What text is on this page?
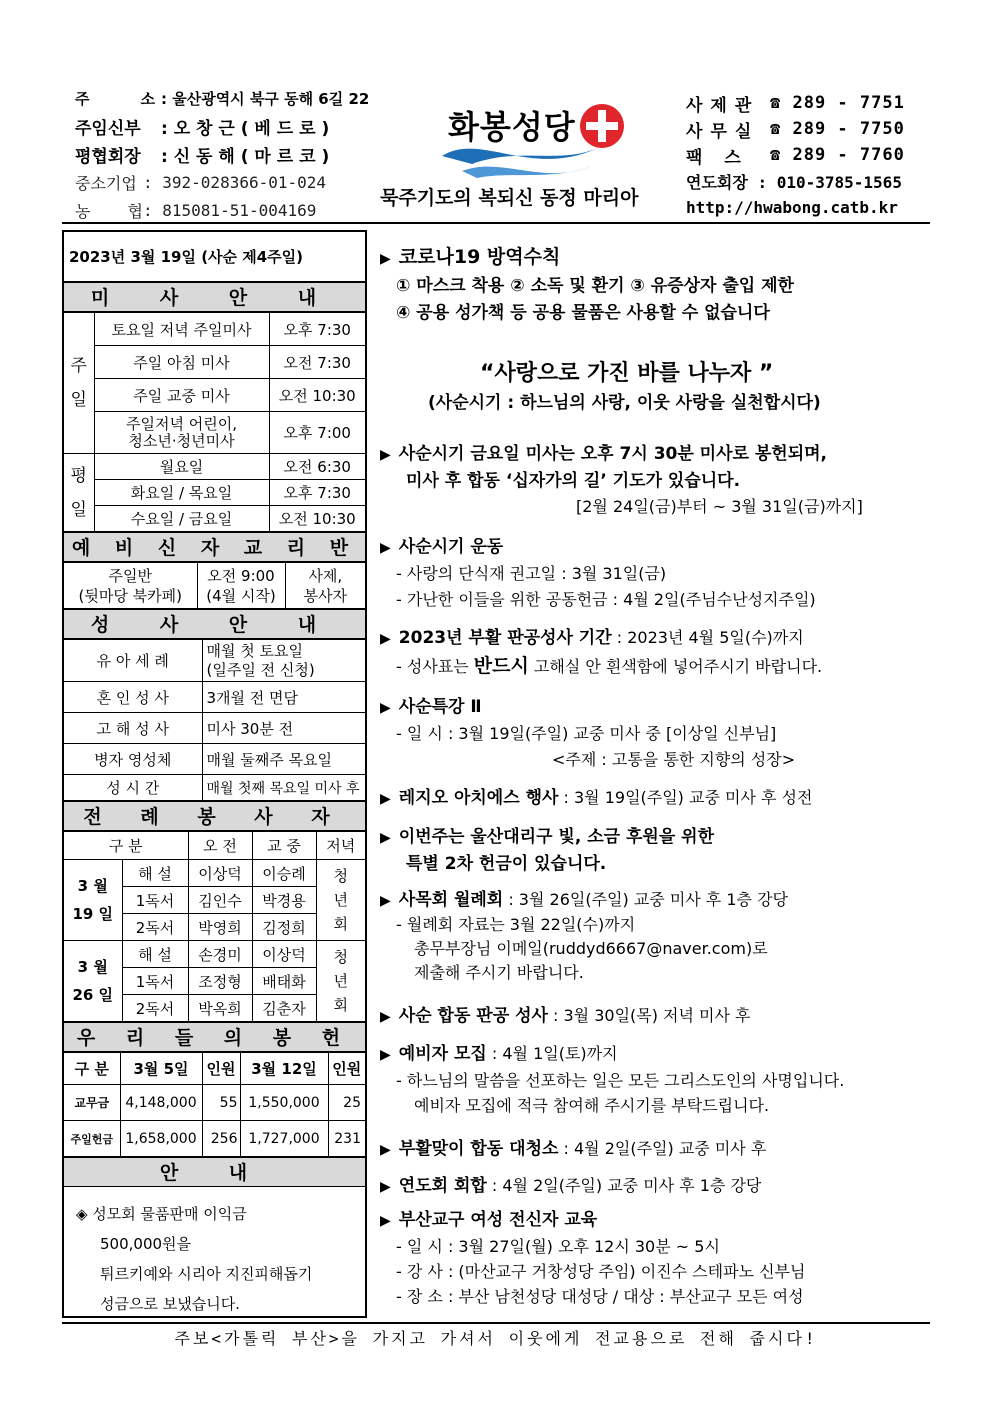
주 소 : 울산광역시 북구 동해 6길 22
주임신부	: 오 창 근 ( 베 드 로 )
평협회장	: 신 동 해 ( 마 르 코 )
중소기업 : 392-028366-01-024
농 협 : 815081-51-004169
화봉성당
묵주기도의 복되신 동정 마리아
사제관 ☎ 289 - 7751
사무실 ☎ 289 - 7750
팩 스	☎ 289 - 7760
연도회장 : 010-3785-1565
http://hwabong.catb.kr
2023년 3월 19일 (사순 제4주일)
미 사 안 내
주
일	토요일 저녁 주일미사	오후 7:30
	주일 아침 미사	오전 7:30
	주일 교중 미사	오전 10:30
	주일저녁 어린이,
청소년·청년미사	오후 7:00
평
일	월요일	오전 6:30
	화요일 / 목요일	오후 7:30
	수요일 / 금요일	오전 10:30
예 비 신 자 교 리 반
주일반
(뒷마당 북카페)	오전 9:00
(4월 시작)	사제,
봉사자
성 사 안 내
유 아 세 례	매월 첫 토요일
(일주일 전 신청)
혼 인 성 사	3개월 전 면담
고 해 성 사	미사 30분 전
병자 영성체	매월 둘째주 목요일
성 시 간	매월 첫째 목요일 미사 후
전 례 봉 사 자
구 분		오 전	교 중	저녁
3 월
19 일	해 설	이상덕	이승례	청
년
회
	1독서	김인수	박경용	
	2독서	박영희	김정희	
3 월
26 일	해 설	손경미	이상덕	청
년
회
	1독서	조정형	배태화	
	2독서	박옥희	김춘자	
우 리 들 의 봉 헌
구 분	3월 5일	인원	3월 12일	인원
교무금	4,148,000	55	1,550,000	25
주일헌금	1,658,000	256	1,727,000	231
안 내
◈ 성모회 물품판매 이익금
500,000원을
튀르키예와 시리아 지진피해돕기
성금으로 보냈습니다.
▶ 코로나19 방역수칙
① 마스크 착용 ② 소독 및 환기 ③ 유증상자 출입 제한
④ 공용 성가책 등 공용 물품은 사용할 수 없습니다
“사랑으로 가진 바를 나누자 ”
(사순시기 : 하느님의 사랑, 이웃 사랑을 실천합시다)
▶ 사순시기 금요일 미사는 오후 7시 30분 미사로 봉헌되며,
미사 후 합동 ‘십자가의 길’ 기도가 있습니다.
[2월 24일(금)부터 ~ 3월 31일(금)까지]
▶ 사순시기 운동
- 사랑의 단식재 권고일 : 3월 31일(금)
- 가난한 이들을 위한 공동헌금 : 4월 2일(주님수난성지주일)
▶ 2023년 부활 판공성사 기간 : 2023년 4월 5일(수)까지
- 성사표는 반드시 고해실 안 흰색함에 넣어주시기 바랍니다.
▶ 사순특강 Ⅱ
- 일 시 : 3월 19일(주일) 교중 미사 중 [이상일 신부님]
<주제 : 고통을 통한 지향의 성장>
▶ 레지오 아치에스 행사 : 3월 19일(주일) 교중 미사 후 성전
▶ 이번주는 울산대리구 빛, 소금 후원을 위한
특별 2차 헌금이 있습니다.
▶ 사목회 월례회 : 3월 26일(주일) 교중 미사 후 1층 강당
- 월례회 자료는 3월 22일(수)까지
총무부장님 이메일(ruddyd6667@naver.com)로
제출해 주시기 바랍니다.
▶ 사순 합동 판공 성사 : 3월 30일(목) 저녁 미사 후
▶ 예비자 모집 : 4월 1일(토)까지
- 하느님의 말씀을 선포하는 일은 모든 그리스도인의 사명입니다.
예비자 모집에 적극 참여해 주시기를 부탁드립니다.
▶ 부활맞이 합동 대청소 : 4월 2일(주일) 교중 미사 후
▶ 연도회 회합 : 4월 2일(주일) 교중 미사 후 1층 강당
▶ 부산교구 여성 전신자 교육
- 일 시 : 3월 27일(월) 오후 12시 30분 ~ 5시
- 강 사 : (마산교구 거창성당 주임) 이진수 스테파노 신부님
- 장 소 : 부산 남천성당 대성당 / 대상 : 부산교구 모든 여성
주보<가톨릭 부산>을 가지고 가셔서 이웃에게 전교용으로 전해 줍시다!
